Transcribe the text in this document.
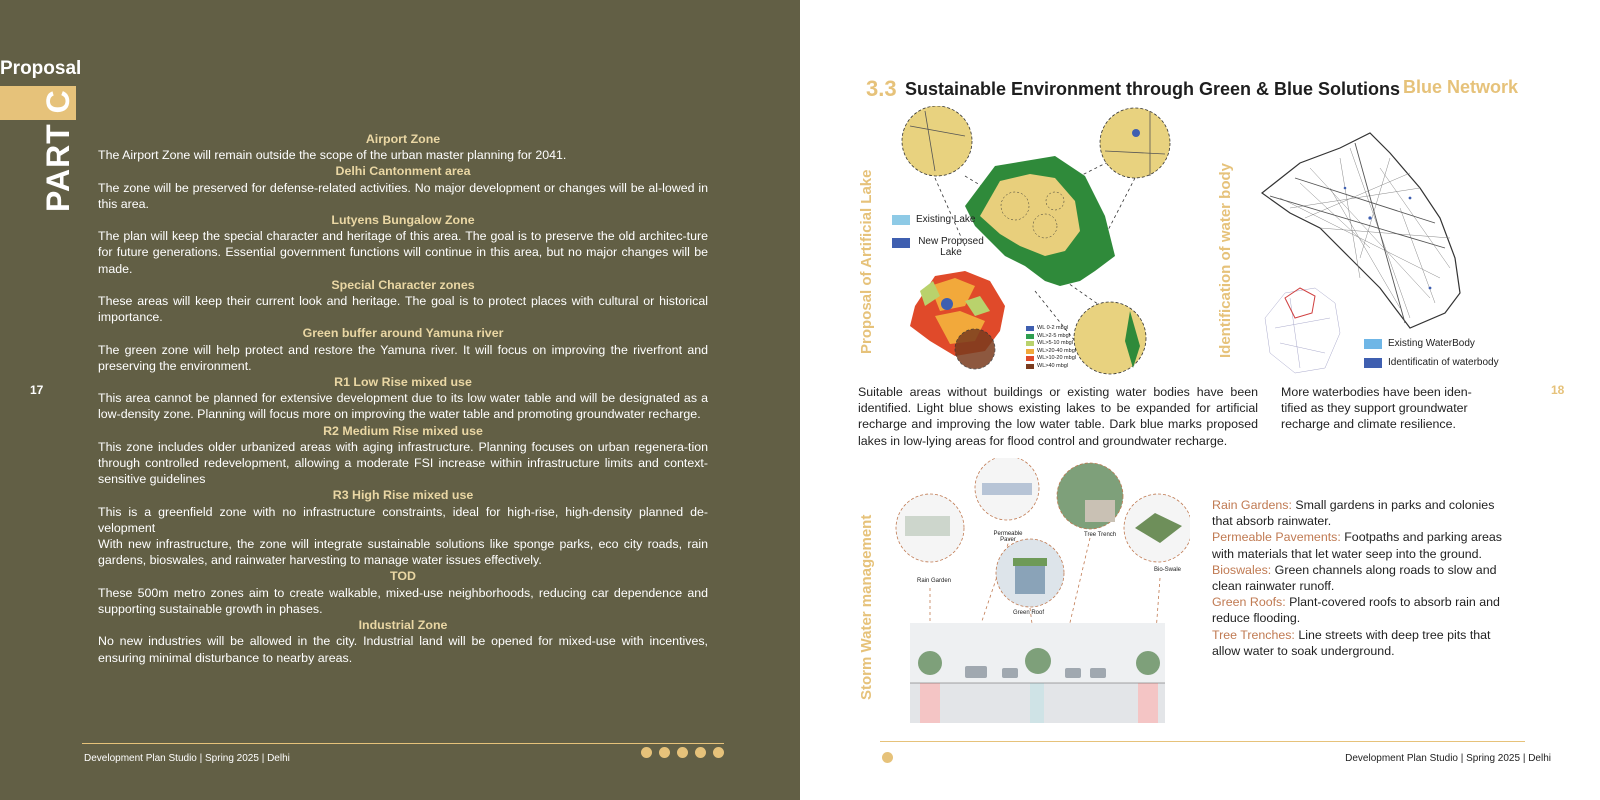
Proposal
PART C
17
Airport Zone
The Airport Zone will remain outside the scope of the urban master planning for 2041.
Delhi Cantonment area
The zone will be preserved for defense-related activities. No major development or changes will be al-lowed in this area.
Lutyens Bungalow Zone
The plan will keep the special character and heritage of this area. The goal is to preserve the old architec-ture for future generations. Essential government functions will continue in this area, but no major changes will be made.
Special Character zones
These areas will keep their current look and heritage. The goal is to protect places with cultural or historical importance.
Green buffer around Yamuna river
The green zone will help protect and restore the Yamuna river. It will focus on improving the riverfront and preserving the environment.
R1 Low Rise mixed use
This area cannot be planned for extensive development due to its low water table and will be designated as a low-density zone. Planning will focus more on improving the water table and promoting groundwater recharge.
R2 Medium Rise mixed use
This zone includes older urbanized areas with aging infrastructure. Planning focuses on urban regenera-tion through controlled redevelopment, allowing a moderate FSI increase within infrastructure limits and context-sensitive guidelines
R3 High Rise mixed use
This is a greenfield zone with no infrastructure constraints, ideal for high-rise, high-density planned de-velopment
With new infrastructure, the zone will integrate sustainable solutions like sponge parks, eco city roads, rain gardens, bioswales, and rainwater harvesting to manage water issues effectively.
TOD
These 500m metro zones aim to create walkable, mixed-use neighborhoods, reducing car dependence and supporting sustainable growth in phases.
Industrial Zone
No new industries will be allowed in the city. Industrial land will be opened for mixed-use with incentives, ensuring minimal disturbance to nearby areas.
Development Plan Studio | Spring 2025 | Delhi
3.3 Sustainable Environment through Green & Blue Solutions Blue Network
18
Proposal of Artificial Lake	Identification of water body
Storm Water management
Existing Lake
New Proposed Lake
WL 0-2 mbgl
WL>2-5 mbgl
WL>5-10 mbgl
WL>20-40 mbgl
WL>10-20 mbgl
WL>40 mbgl
Existing WaterBody
Identificatin of waterbody
Suitable areas without buildings or existing water bodies have been identified. Light blue shows existing lakes to be expanded for artificial recharge and improving the low water table. Dark blue marks proposed lakes in low-lying areas for flood control and groundwater recharge.
More waterbodies have been iden-tified as they support groundwater recharge and climate resilience.
Rain Garden
Permeable Paver
Tree Trench
Bio-Swale
Green Roof
Rain Gardens: Small gardens in parks and colonies that absorb rainwater.
Permeable Pavements: Footpaths and parking areas with materials that let water seep into the ground.
Bioswales: Green channels along roads to slow and clean rainwater runoff.
Green Roofs: Plant-covered roofs to absorb rain and reduce flooding.
Tree Trenches: Line streets with deep tree pits that allow water to soak underground.
Development Plan Studio | Spring 2025 | Delhi
